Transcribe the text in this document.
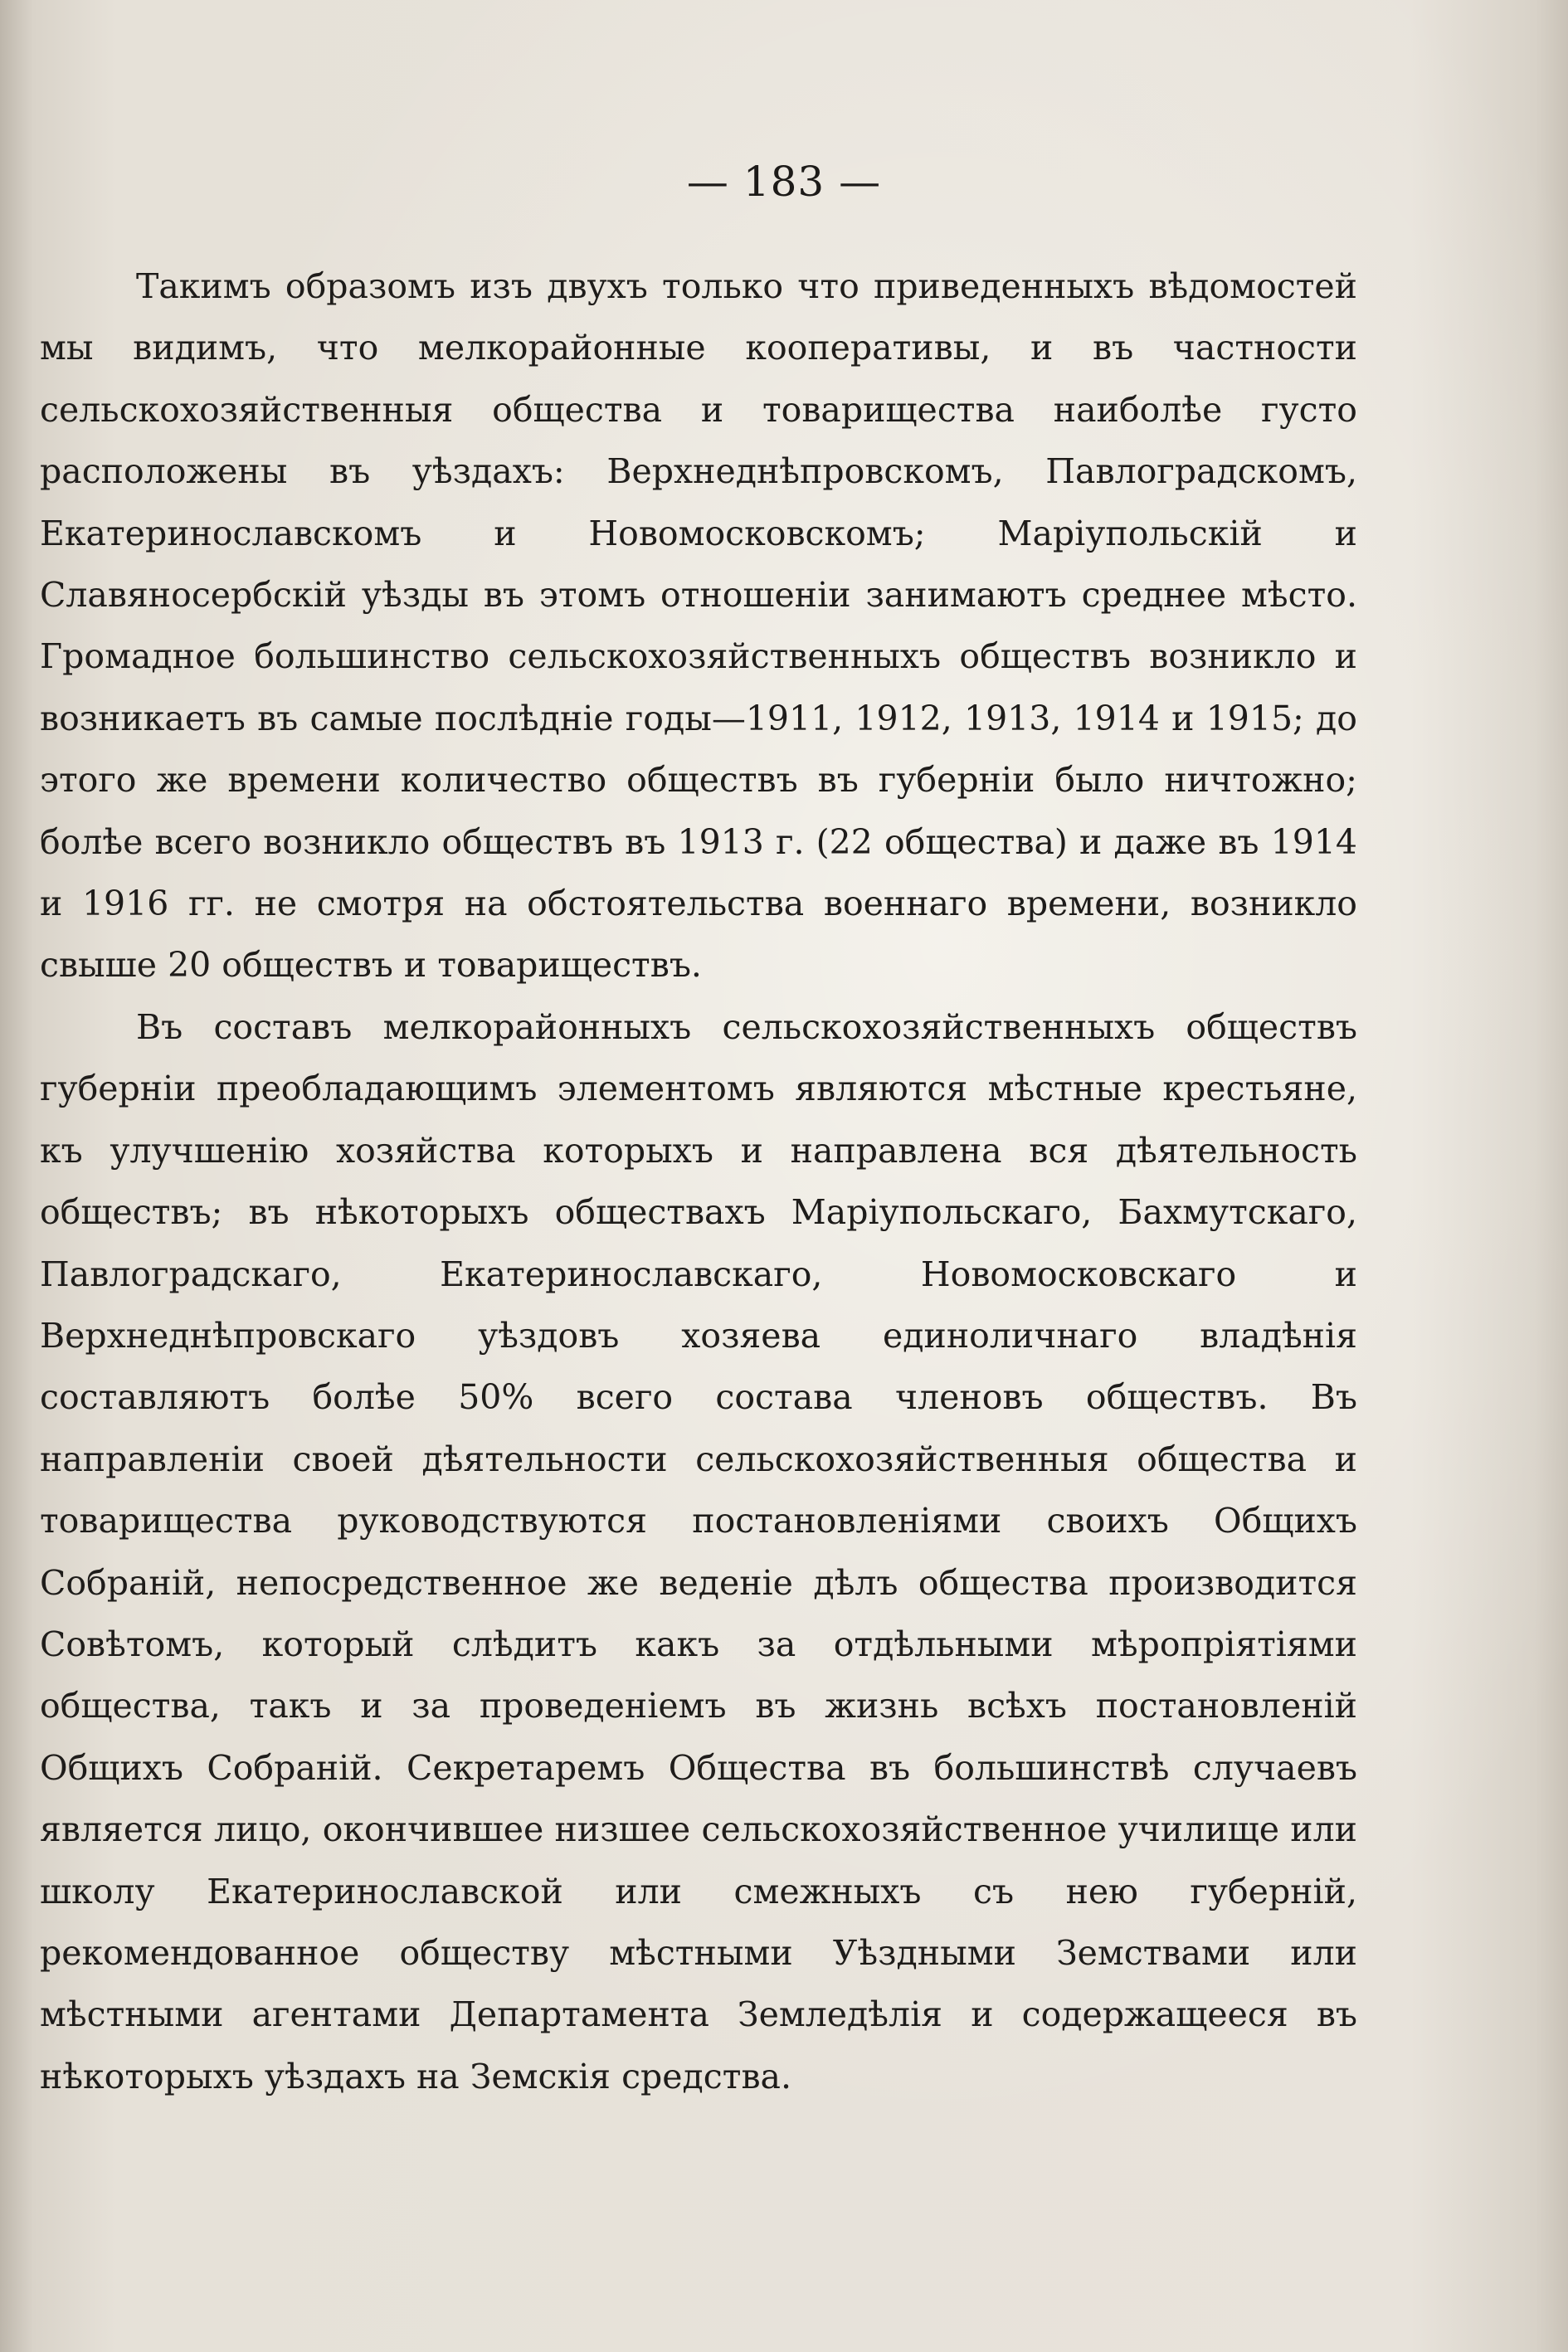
— 183 —

Такимъ образомъ изъ двухъ только что приведенныхъ вѣдомостей мы видимъ, что мелкорайонные кооперативы, и въ частности сельскохозяйственныя общества и товарищества наиболѣе густо расположены въ уѣздахъ: Верхнеднѣпровскомъ, Павлоградскомъ, Екатеринославскомъ и Новомосковскомъ; Маріупольскій и Славяносербскій уѣзды въ этомъ отношеніи занимаютъ среднее мѣсто. Громадное большинство сельскохозяйственныхъ обществъ возникло и возникаетъ въ самые послѣдніе годы—1911, 1912, 1913, 1914 и 1915; до этого же времени количество обществъ въ губерніи было ничтожно; болѣе всего возникло обществъ въ 1913 г. (22 общества) и даже въ 1914 и 1916 гг. не смотря на обстоятельства военнаго времени, возникло свыше 20 обществъ и товариществъ.

Въ составъ мелкорайонныхъ сельскохозяйственныхъ обществъ губерніи преобладающимъ элементомъ являются мѣстные крестьяне, къ улучшенію хозяйства которыхъ и направлена вся дѣятельность обществъ; въ нѣкоторыхъ обществахъ Маріупольскаго, Бахмутскаго, Павлоградскаго, Екатеринославскаго, Новомосковскаго и Верхнеднѣпровскаго уѣздовъ хозяева единоличнаго владѣнія составляютъ болѣе 50% всего состава членовъ обществъ. Въ направленіи своей дѣятельности сельскохозяйственныя общества и товарищества руководствуются постановленіями своихъ Общихъ Собраній, непосредственное же веденіе дѣлъ общества производится Совѣтомъ, который слѣдитъ какъ за отдѣльными мѣропріятіями общества, такъ и за проведеніемъ въ жизнь всѣхъ постановленій Общихъ Собраній. Секретаремъ Общества въ большинствѣ случаевъ является лицо, окончившее низшее сельскохозяйственное училище или школу Екатеринославской или смежныхъ съ нею губерній, рекомендованное обществу мѣстными Уѣздными Земствами или мѣстными агентами Департамента Земледѣлія и содержащееся въ нѣкоторыхъ уѣздахъ на Земскія средства.
